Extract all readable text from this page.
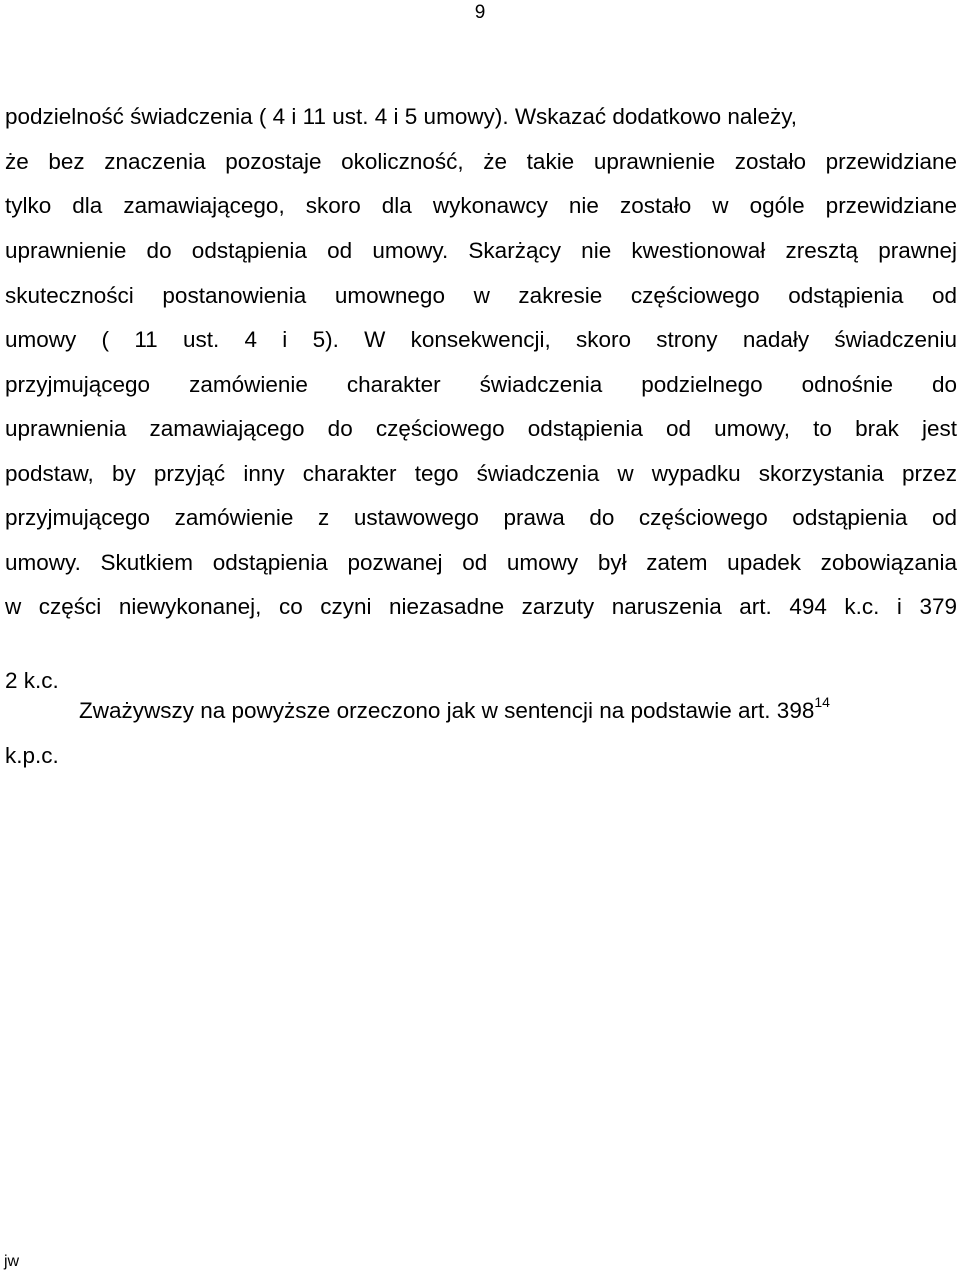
9
podzielność świadczenia ( 4 i 11 ust. 4 i 5 umowy). Wskazać dodatkowo należy,
że bez znaczenia pozostaje okoliczność, że takie uprawnienie zostało przewidziane
tylko dla zamawiającego, skoro dla wykonawcy nie zostało w ogóle przewidziane
uprawnienie do odstąpienia od umowy. Skarżący nie kwestionował zresztą prawnej
skuteczności postanowienia umownego w zakresie częściowego odstąpienia od
umowy ( 11 ust. 4 i 5). W konsekwencji, skoro strony nadały świadczeniu
przyjmującego zamówienie charakter świadczenia podzielnego odnośnie do
uprawnienia zamawiającego do częściowego odstąpienia od umowy, to brak jest
podstaw, by przyjąć inny charakter tego świadczenia w wypadku skorzystania przez
przyjmującego zamówienie z ustawowego prawa do częściowego odstąpienia od
umowy. Skutkiem odstąpienia pozwanej od umowy był zatem upadek zobowiązania
w części niewykonanej, co czyni niezasadne zarzuty naruszenia art. 494 k.c. i 379
2 k.c.
Zważywszy na powyższe orzeczono jak w sentencji na podstawie art. $398^{14}$
k.p.c.
jw
